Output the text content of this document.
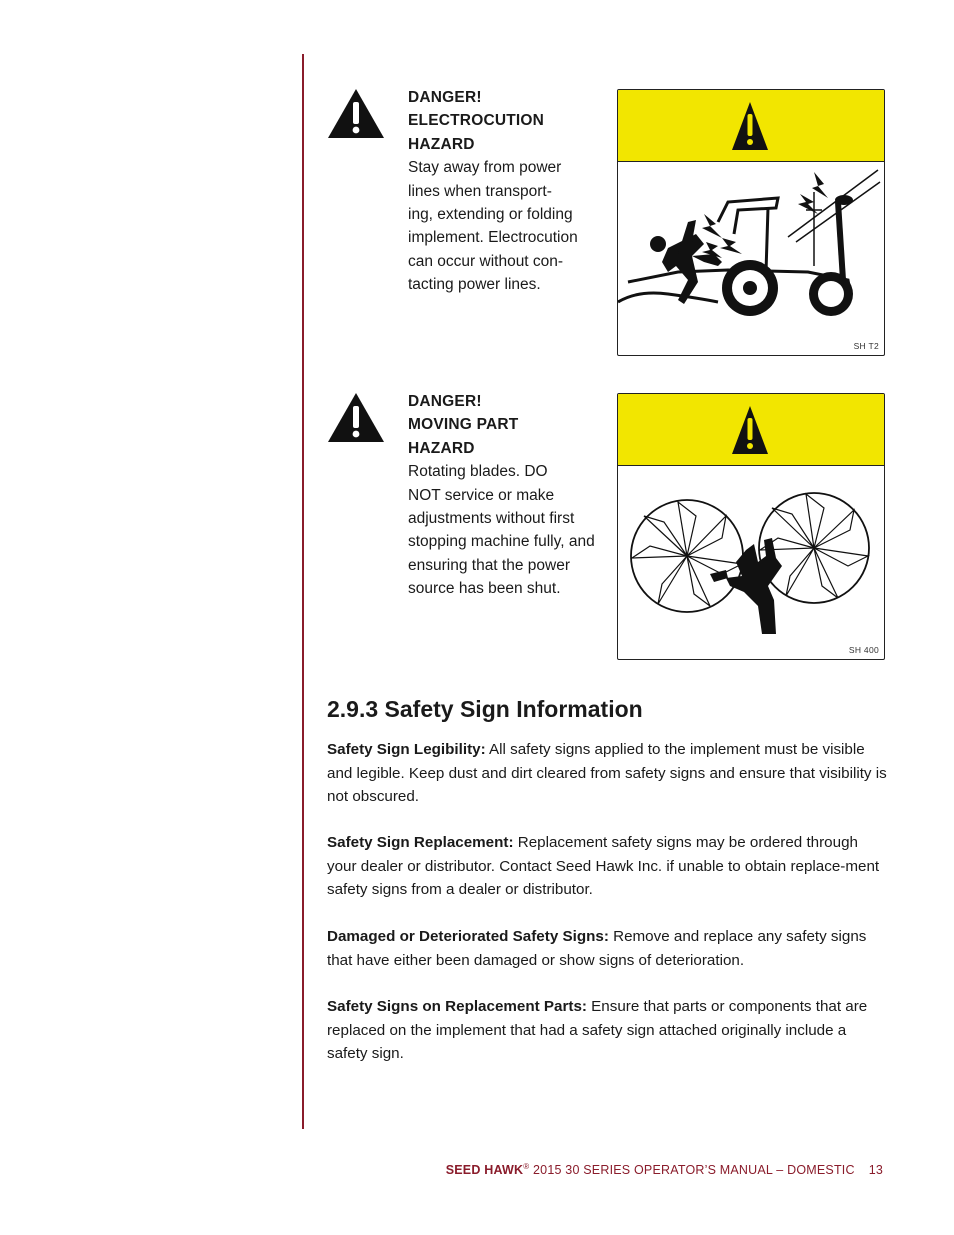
DANGER!
ELECTROCUTION
HAZARD
Stay away from power
lines when transport-
ing, extending or folding
implement. Electrocution
can occur without con-
tacting power lines.
SH T2
DANGER!
MOVING PART
HAZARD
Rotating blades. DO
NOT service or make
adjustments without first
stopping machine fully, and
ensuring that the power
source has been shut.
SH 400
2.9.3 Safety Sign Information

Safety Sign Legibility: All safety signs applied to the implement must be visible and legible. Keep dust and dirt cleared from safety signs and ensure that visibility is not obscured.

Safety Sign Replacement: Replacement safety signs may be ordered through your dealer or distributor. Contact Seed Hawk Inc. if unable to obtain replace-ment safety signs from a dealer or distributor.

Damaged or Deteriorated Safety Signs: Remove and replace any safety signs that have either been damaged or show signs of deterioration.

Safety Signs on Replacement Parts: Ensure that parts or components that are replaced on the implement that had a safety sign attached originally include a safety sign.

SEED HAWK® 2015 30 SERIES OPERATOR’S MANUAL – DOMESTIC 13
